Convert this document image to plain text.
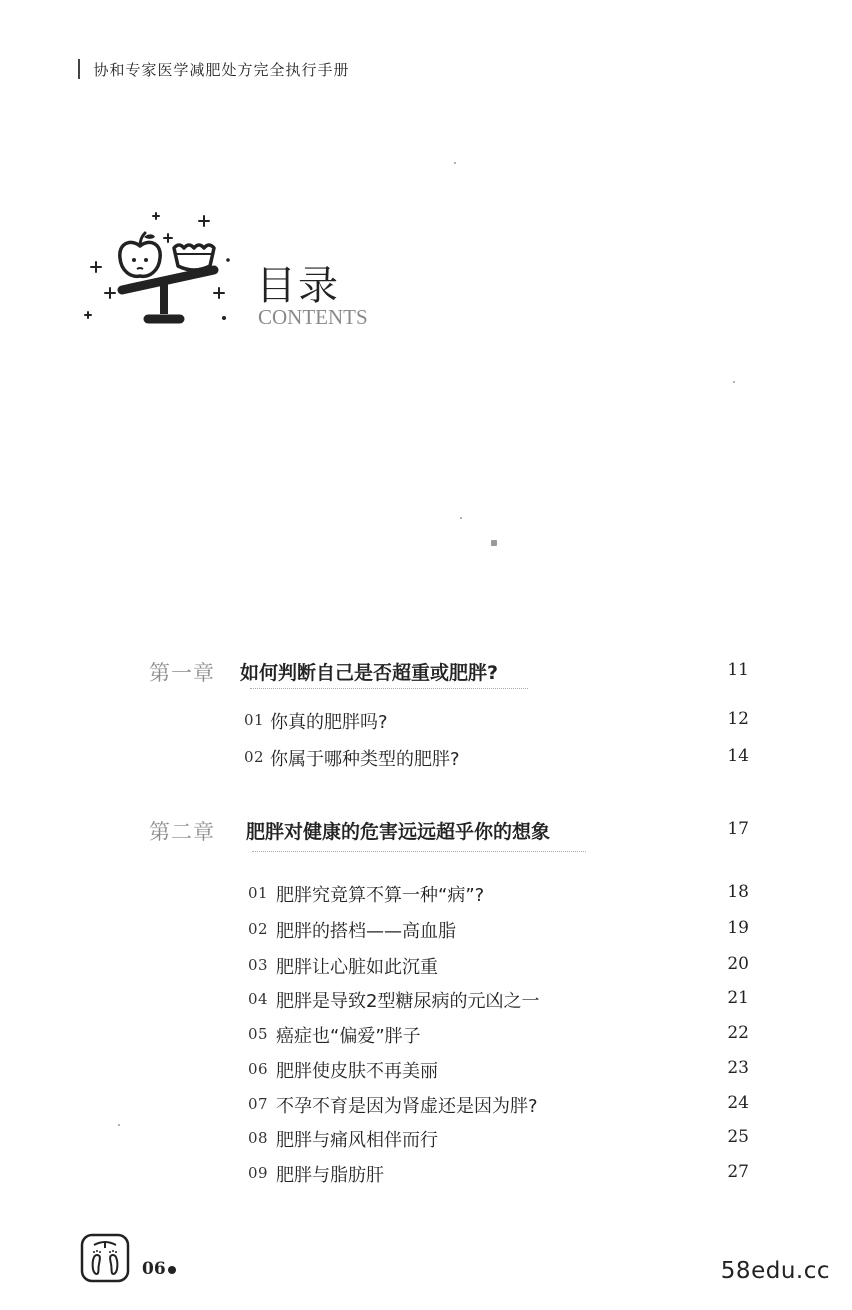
协和专家医学减肥处方完全执行手册
目录
CONTENTS
第一章 如何判断自己是否超重或肥胖?	11
01 你真的肥胖吗?	12
02 你属于哪种类型的肥胖?	14
第二章 肥胖对健康的危害远远超乎你的想象	17
01 肥胖究竟算不算一种“病”?	18
02 肥胖的搭档——高血脂	19
03 肥胖让心脏如此沉重	20
04 肥胖是导致2型糖尿病的元凶之一	21
05 癌症也“偏爱”胖子	22
06 肥胖使皮肤不再美丽	23
07 不孕不育是因为肾虚还是因为胖?	24
08 肥胖与痛风相伴而行	25
09 肥胖与脂肪肝	27
06	58edu.cc
